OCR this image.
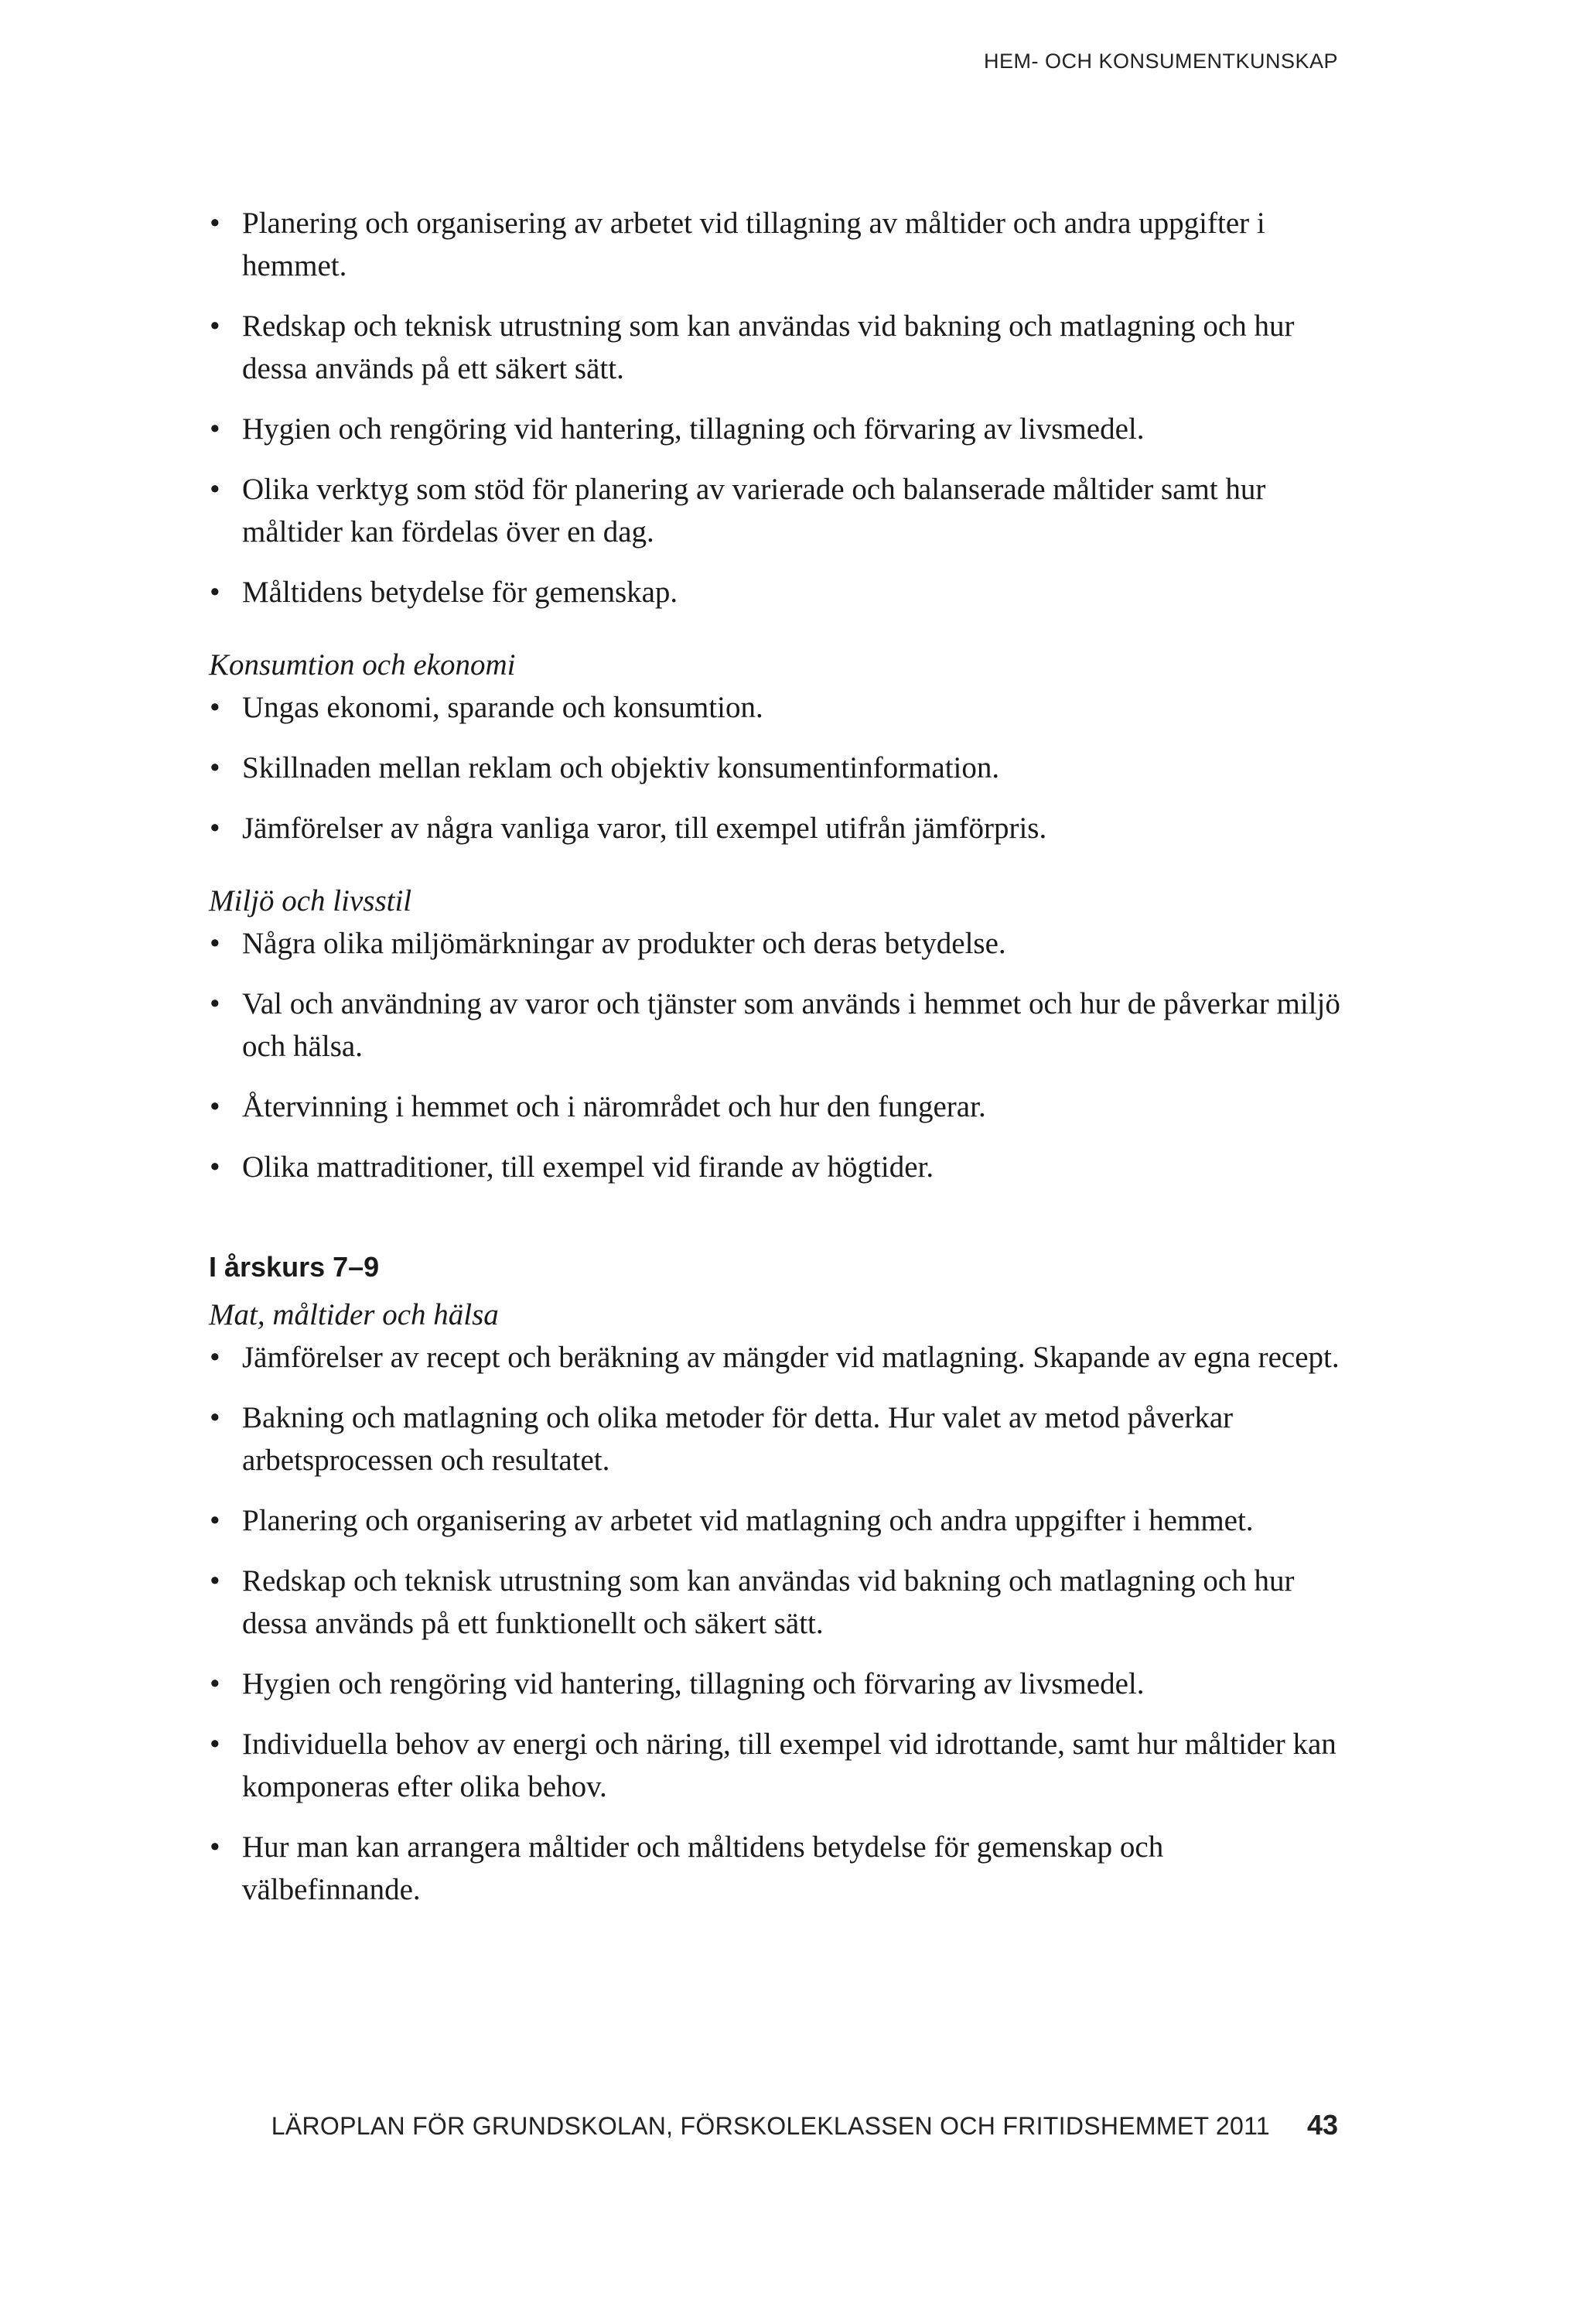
HEM- OCH KONSUMENTKUNSKAP
• Planering och organisering av arbetet vid tillagning av måltider och andra uppgifter i hemmet.
• Redskap och teknisk utrustning som kan användas vid bakning och matlagning och hur dessa används på ett säkert sätt.
• Hygien och rengöring vid hantering, tillagning och förvaring av livsmedel.
• Olika verktyg som stöd för planering av varierade och balanserade måltider samt hur måltider kan fördelas över en dag.
• Måltidens betydelse för gemenskap.
Konsumtion och ekonomi
• Ungas ekonomi, sparande och konsumtion.
• Skillnaden mellan reklam och objektiv konsumentinformation.
• Jämförelser av några vanliga varor, till exempel utifrån jämförpris.
Miljö och livsstil
• Några olika miljömärkningar av produkter och deras betydelse.
• Val och användning av varor och tjänster som används i hemmet och hur de påverkar miljö och hälsa.
• Återvinning i hemmet och i närområdet och hur den fungerar.
• Olika mattraditioner, till exempel vid firande av högtider.
I årskurs 7–9
Mat, måltider och hälsa
• Jämförelser av recept och beräkning av mängder vid matlagning. Skapande av egna recept.
• Bakning och matlagning och olika metoder för detta. Hur valet av metod påverkar arbetsprocessen och resultatet.
• Planering och organisering av arbetet vid matlagning och andra uppgifter i hemmet.
• Redskap och teknisk utrustning som kan användas vid bakning och matlagning och hur dessa används på ett funktionellt och säkert sätt.
• Hygien och rengöring vid hantering, tillagning och förvaring av livsmedel.
• Individuella behov av energi och näring, till exempel vid idrottande, samt hur måltider kan komponeras efter olika behov.
• Hur man kan arrangera måltider och måltidens betydelse för gemenskap och välbefinnande.
LÄROPLAN FÖR GRUNDSKOLAN, FÖRSKOLEKLASSEN OCH FRITIDSHEMMET 2011 43
